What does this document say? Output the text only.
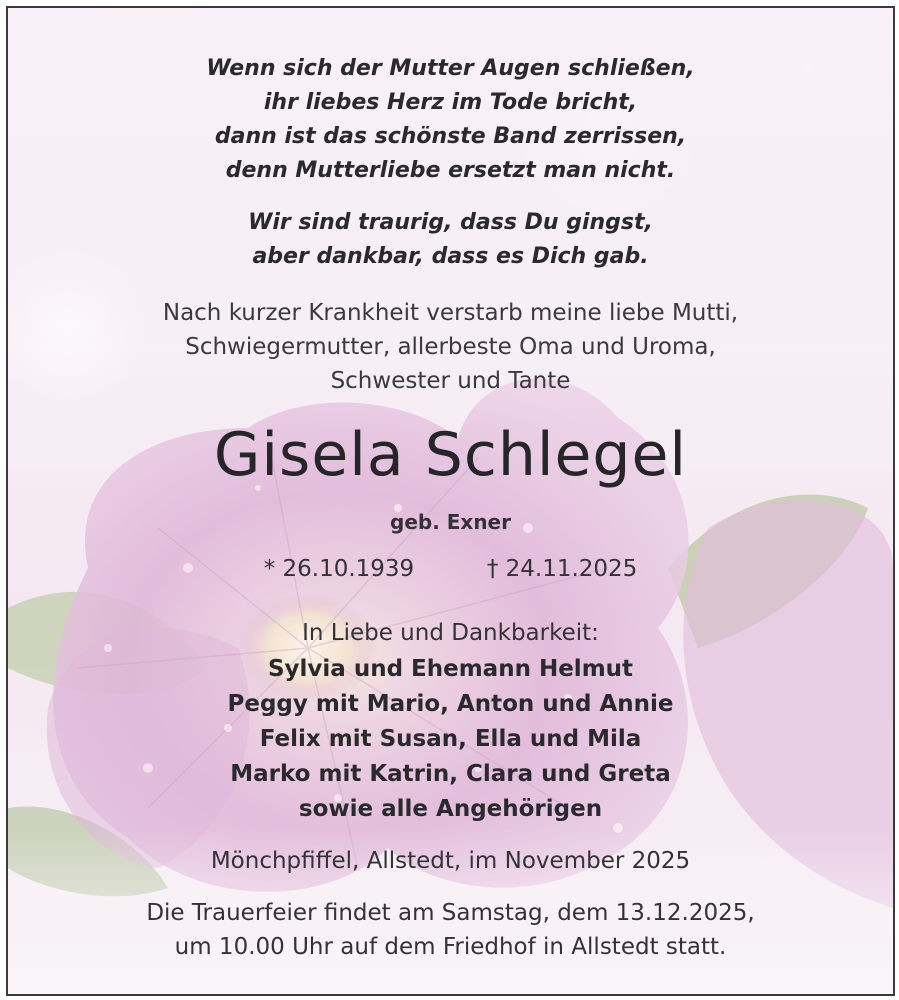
Wenn sich der Mutter Augen schließen,
ihr liebes Herz im Tode bricht,
dann ist das schönste Band zerrissen,
denn Mutterliebe ersetzt man nicht.
Wir sind traurig, dass Du gingst,
aber dankbar, dass es Dich gab.
Nach kurzer Krankheit verstarb meine liebe Mutti,
Schwiegermutter, allerbeste Oma und Uroma,
Schwester und Tante
Gisela Schlegel
geb. Exner
* 26.10.1939	† 24.11.2025
In Liebe und Dankbarkeit:
Sylvia und Ehemann Helmut
Peggy mit Mario, Anton und Annie
Felix mit Susan, Ella und Mila
Marko mit Katrin, Clara und Greta
sowie alle Angehörigen
Mönchpfiffel, Allstedt, im November 2025
Die Trauerfeier findet am Samstag, dem 13.12.2025,
um 10.00 Uhr auf dem Friedhof in Allstedt statt.
